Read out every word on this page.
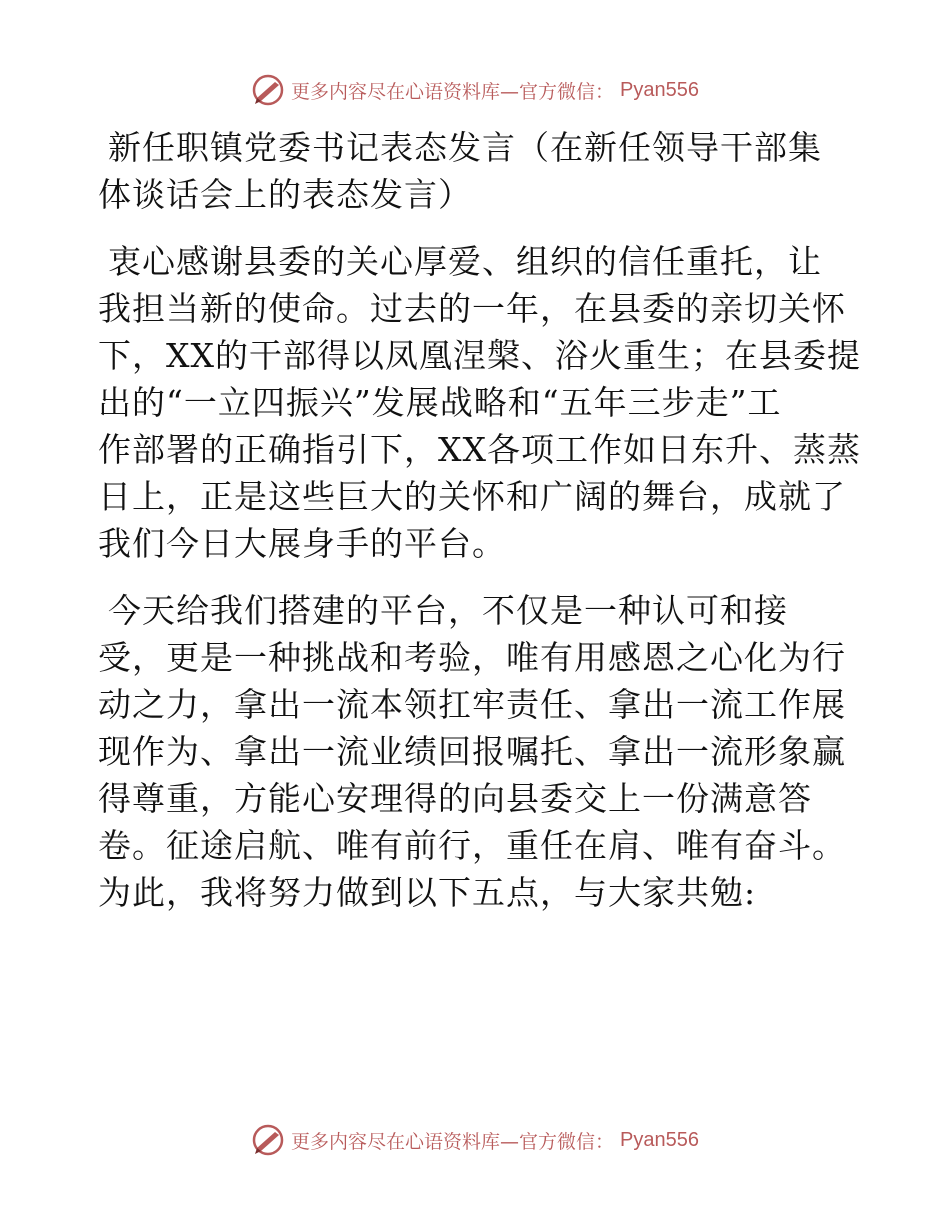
更多内容尽在心语资料库—官方微信： Pyan556
新任职镇党委书记表态发言（在新任领导干部集
体谈话会上的表态发言）
衷心感谢县委的关心厚爱、组织的信任重托，让
我担当新的使命。过去的一年，在县委的亲切关怀
下，XX的干部得以凤凰涅槃、浴火重生；在县委提
出的“一立四振兴”发展战略和“五年三步走”工
作部署的正确指引下，XX各项工作如日东升、蒸蒸
日上，正是这些巨大的关怀和广阔的舞台，成就了
我们今日大展身手的平台。
今天给我们搭建的平台，不仅是一种认可和接
受，更是一种挑战和考验，唯有用感恩之心化为行
动之力，拿出一流本领扛牢责任、拿出一流工作展
现作为、拿出一流业绩回报嘱托、拿出一流形象赢
得尊重，方能心安理得的向县委交上一份满意答
卷。征途启航、唯有前行，重任在肩、唯有奋斗。
为此，我将努力做到以下五点，与大家共勉:
更多内容尽在心语资料库—官方微信： Pyan556
